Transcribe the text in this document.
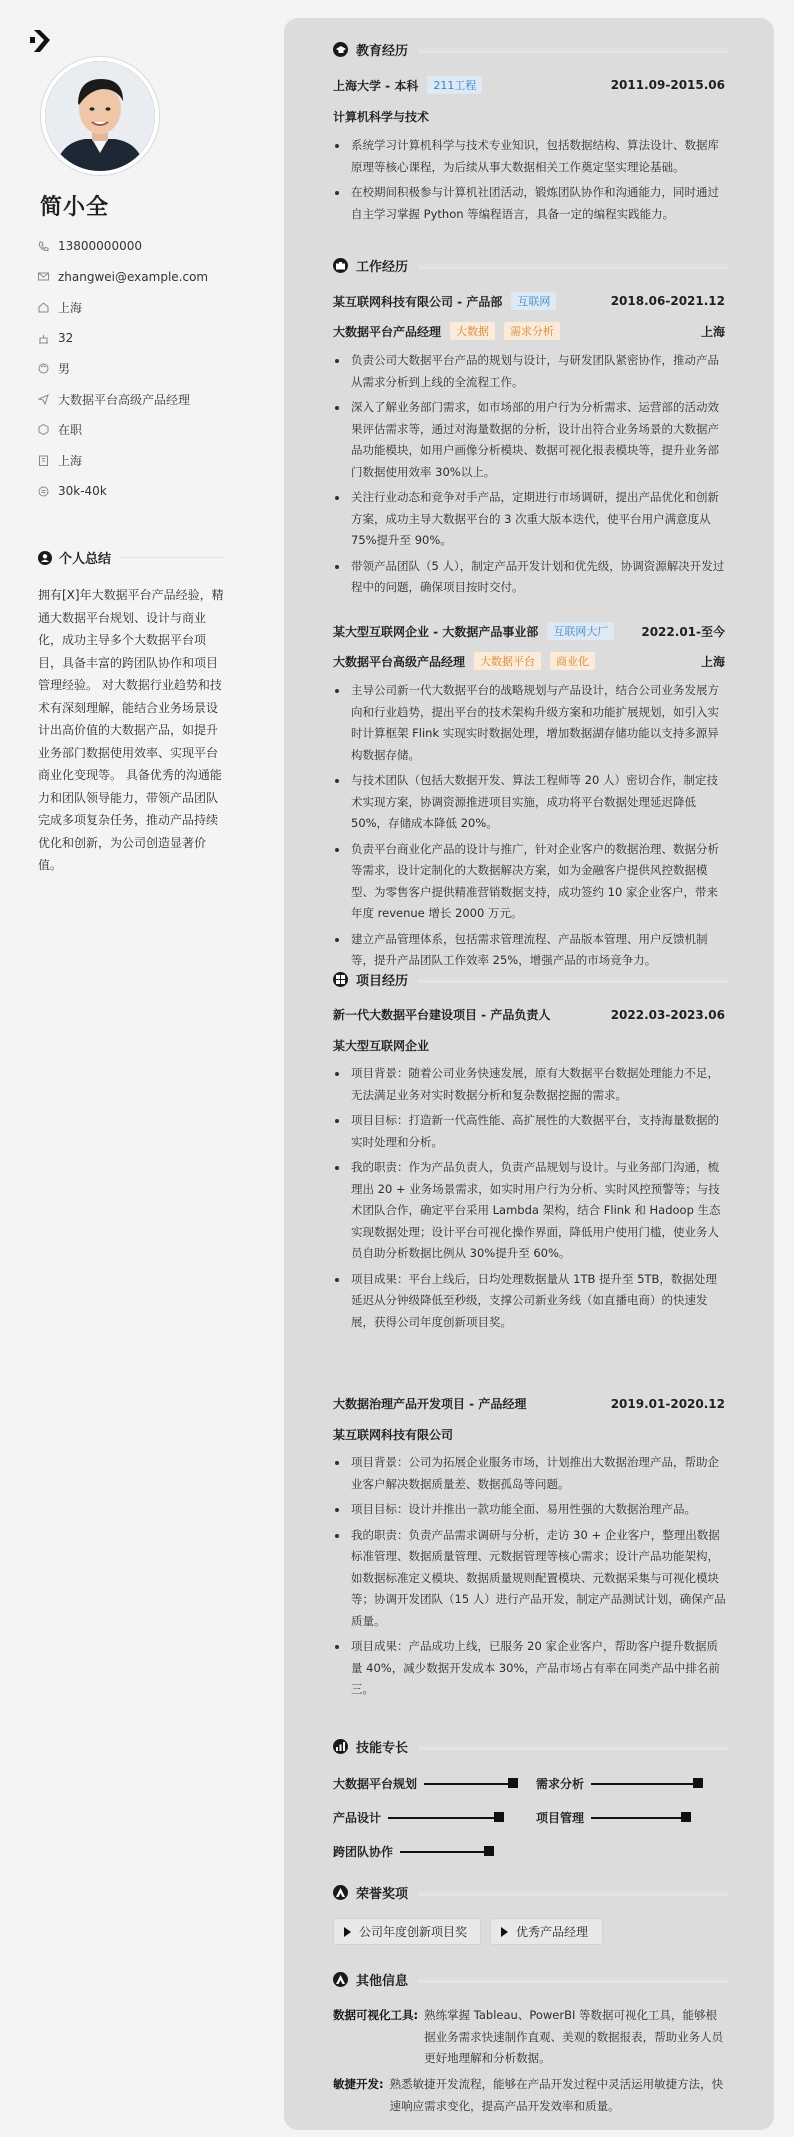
简小全
13800000000
zhangwei@example.com
上海
32
男
大数据平台高级产品经理
在职
上海
30k-40k
个人总结
拥有[X]年大数据平台产品经验，精通大数据平台规划、设计与商业化，成功主导多个大数据平台项目，具备丰富的跨团队协作和项目管理经验。 对大数据行业趋势和技术有深刻理解，能结合业务场景设计出高价值的大数据产品，如提升业务部门数据使用效率、实现平台商业化变现等。 具备优秀的沟通能力和团队领导能力，带领产品团队完成多项复杂任务，推动产品持续优化和创新，为公司创造显著价值。
教育经历
上海大学 - 本科	211工程	2011.09-2015.06
计算机科学与技术
系统学习计算机科学与技术专业知识，包括数据结构、算法设计、数据库原理等核心课程，为后续从事大数据相关工作奠定坚实理论基础。
在校期间积极参与计算机社团活动，锻炼团队协作和沟通能力，同时通过自主学习掌握 Python 等编程语言，具备一定的编程实践能力。
工作经历
某互联网科技有限公司 - 产品部	互联网	2018.06-2021.12
大数据平台产品经理	大数据	需求分析	上海
负责公司大数据平台产品的规划与设计，与研发团队紧密协作，推动产品从需求分析到上线的全流程工作。
深入了解业务部门需求，如市场部的用户行为分析需求、运营部的活动效果评估需求等，通过对海量数据的分析，设计出符合业务场景的大数据产品功能模块，如用户画像分析模块、数据可视化报表模块等，提升业务部门数据使用效率 30%以上。
关注行业动态和竞争对手产品，定期进行市场调研，提出产品优化和创新方案，成功主导大数据平台的 3 次重大版本迭代，使平台用户满意度从 75%提升至 90%。
带领产品团队（5 人），制定产品开发计划和优先级，协调资源解决开发过程中的问题，确保项目按时交付。
某大型互联网企业 - 大数据产品事业部	互联网大厂	2022.01-至今
大数据平台高级产品经理	大数据平台	商业化	上海
主导公司新一代大数据平台的战略规划与产品设计，结合公司业务发展方向和行业趋势，提出平台的技术架构升级方案和功能扩展规划，如引入实时计算框架 Flink 实现实时数据处理，增加数据湖存储功能以支持多源异构数据存储。
与技术团队（包括大数据开发、算法工程师等 20 人）密切合作，制定技术实现方案，协调资源推进项目实施，成功将平台数据处理延迟降低 50%，存储成本降低 20%。
负责平台商业化产品的设计与推广，针对企业客户的数据治理、数据分析等需求，设计定制化的大数据解决方案，如为金融客户提供风控数据模型、为零售客户提供精准营销数据支持，成功签约 10 家企业客户，带来年度 revenue 增长 2000 万元。
建立产品管理体系，包括需求管理流程、产品版本管理、用户反馈机制等，提升产品团队工作效率 25%，增强产品的市场竞争力。
项目经历
新一代大数据平台建设项目 - 产品负责人	2022.03-2023.06
某大型互联网企业
项目背景：随着公司业务快速发展，原有大数据平台数据处理能力不足，无法满足业务对实时数据分析和复杂数据挖掘的需求。
项目目标：打造新一代高性能、高扩展性的大数据平台，支持海量数据的实时处理和分析。
我的职责：作为产品负责人，负责产品规划与设计。与业务部门沟通，梳理出 20 + 业务场景需求，如实时用户行为分析、实时风控预警等；与技术团队合作，确定平台采用 Lambda 架构，结合 Flink 和 Hadoop 生态实现数据处理；设计平台可视化操作界面，降低用户使用门槛，使业务人员自助分析数据比例从 30%提升至 60%。
项目成果：平台上线后，日均处理数据量从 1TB 提升至 5TB，数据处理延迟从分钟级降低至秒级，支撑公司新业务线（如直播电商）的快速发展，获得公司年度创新项目奖。
大数据治理产品开发项目 - 产品经理	2019.01-2020.12
某互联网科技有限公司
项目背景：公司为拓展企业服务市场，计划推出大数据治理产品，帮助企业客户解决数据质量差、数据孤岛等问题。
项目目标：设计并推出一款功能全面、易用性强的大数据治理产品。
我的职责：负责产品需求调研与分析，走访 30 + 企业客户，整理出数据标准管理、数据质量管理、元数据管理等核心需求；设计产品功能架构，如数据标准定义模块、数据质量规则配置模块、元数据采集与可视化模块等；协调开发团队（15 人）进行产品开发，制定产品测试计划，确保产品质量。
项目成果：产品成功上线，已服务 20 家企业客户，帮助客户提升数据质量 40%，减少数据开发成本 30%，产品市场占有率在同类产品中排名前三。
技能专长
大数据平台规划	需求分析
产品设计	项目管理
跨团队协作
荣誉奖项
公司年度创新项目奖	优秀产品经理
其他信息
数据可视化工具: 熟练掌握 Tableau、PowerBI 等数据可视化工具，能够根据业务需求快速制作直观、美观的数据报表，帮助业务人员更好地理解和分析数据。
敏捷开发: 熟悉敏捷开发流程，能够在产品开发过程中灵活运用敏捷方法，快速响应需求变化，提高产品开发效率和质量。
